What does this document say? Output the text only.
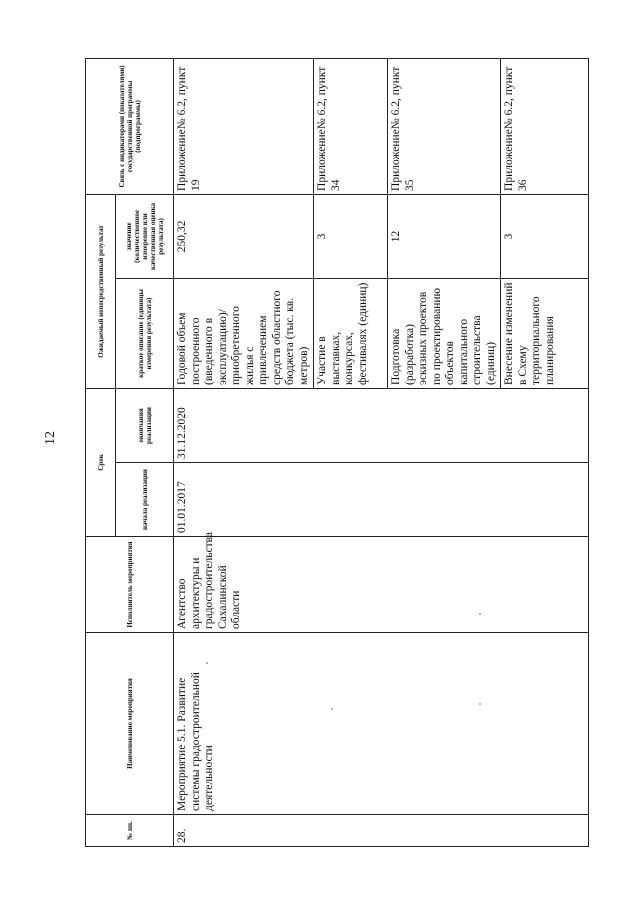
12
№ пп.	Наименование мероприятия	Исполнитель мероприятия	Срок		Ожидаемый непосредственный результат		Связь с индикаторами (показателями) государственной программы (подпрограммы)
			начала реализации	окончания реализации	краткое описание (единицы измерения результата)	значение (количественное измерение или качественная оценка результата)	
28.	Мероприятие 5.1. Развитие системы градостроительной деятельности	Агентство архитектуры и градостроительства Сахалинской области	01.01.2017	31.12.2020	Годовой объем построенного (введенного в эксплуатацию)/приобретенного жилья с привлечением средств областного бюджета (тыс. кв. метров)	250,32	Приложение№ 6.2, пункт 19
					Участие в выставках, конкурсах, фестивалях (единиц)	3	Приложение№ 6.2, пункт 34
					Подготовка (разработка) эскизных проектов по проектированию объектов капитального строительства (единиц)	12	Приложение№ 6.2, пункт 35
					Внесение изменений в Схему территориального планирования	3	Приложение№ 6.2, пункт 36
